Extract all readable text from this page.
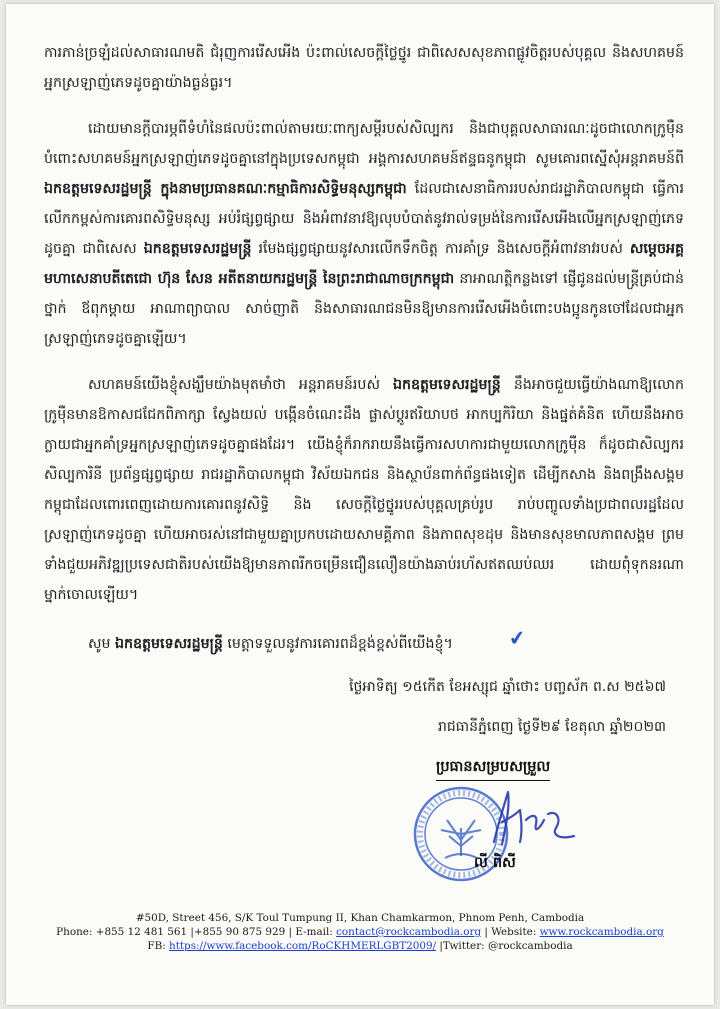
ការភាន់ច្រឡំដល់សាធារណមតិ ជំរុញការរើសអើង ប៉ះពាល់សេចក្តីថ្លៃថ្នូរ ជាពិសេសសុខភាពផ្លូវចិត្តរបស់បុគ្គល និងសហគមន៍អ្នកស្រឡាញ់ភេទដូចគ្នាយ៉ាងធ្ងន់ធ្ងរ។

ដោយមានក្តីបារម្ភពីទំហំនៃផលប៉ះពាល់តាមរយៈពាក្យសម្តីរបស់សិល្បករ និងជាបុគ្គលសាធារណៈដូចជាលោកក្រូម៉ឺន បំពោះសហគមន៍អ្នកស្រឡាញ់ភេទដូចគ្នានៅក្នុងប្រទេសកម្ពុជា អង្គការសហគមន៍ឥន្ទធនូកម្ពុជា សូមគោរពស្នើសុំអន្តរាគមន៍ពី ឯកឧត្តមទេសរដ្ឋមន្ត្រី ក្នុងនាមប្រធានគណៈកម្មាធិការសិទ្ធិមនុស្សកម្ពុជា ដែលជាសេនាធិការរបស់រាជរដ្ឋាភិបាលកម្ពុជា ធ្វើការលើកកម្ពស់ការគោរពសិទ្ធិមនុស្ស អប់រំផ្សព្វផ្សាយ និងអំពាវនាវឱ្យលុបបំបាត់នូវរាល់ទម្រង់នៃការរើសអើងលើអ្នកស្រឡាញ់ភេទដូចគ្នា ជាពិសេស ឯកឧត្តមទេសរដ្ឋមន្ត្រី រមែងផ្សព្វផ្សាយនូវសារលើកទឹកចិត្ត ការគាំទ្រ និងសេចក្តីអំពាវនាវរបស់ សម្តេចអគ្គមហាសេនាបតីតេជោ ហ៊ុន សែន អតីតនាយករដ្ឋមន្ត្រី នៃព្រះរាជាណាចក្រកម្ពុជា នាអាណត្តិកន្លងទៅ ផ្ញើជូនដល់មន្ត្រីគ្រប់ជាន់ថ្នាក់ ឪពុកម្តាយ អាណាព្យាបាល សាច់ញាតិ និងសាធារណជនមិនឱ្យមានការរើសអើងចំពោះបងប្អូនកូនចៅដែលជាអ្នកស្រឡាញ់ភេទដូចគ្នាឡើយ។

សហគមន៍យើងខ្ញុំសង្ឃឹមយ៉ាងមុតមាំថា អន្តរាគមន៍របស់ ឯកឧត្តមទេសរដ្ឋមន្ត្រី នឹងអាចជួយធ្វើយ៉ាងណាឱ្យលោកក្រូម៉ឺនមានឱកាសជជែកពិភាក្សា ស្វែងយល់ បង្កើនចំណេះដឹង ផ្លាស់ប្តូរឥរិយាបថ អាកប្បកិរិយា និងផ្នត់គំនិត ហើយនឹងអាចក្លាយជាអ្នកគាំទ្រអ្នកស្រឡាញ់ភេទដូចគ្នាផងដែរ។ យើងខ្ញុំក៏រាករាយនឹងធ្វើការសហការជាមួយលោកក្រូម៉ឺន ក៏ដូចជាសិល្បករ សិល្បការិនី ប្រព័ន្ធផ្សព្វផ្សាយ រាជរដ្ឋាភិបាលកម្ពុជា វិស័យឯកជន និងស្ថាប័នពាក់ព័ន្ធផងទៀត ដើម្បីកសាង និងពង្រឹងសង្គមកម្ពុជាដែលពោរពេញដោយការគោរពនូវសិទ្ធិ និង សេចក្តីថ្លៃថ្នូររបស់បុគ្គលគ្រប់រូប រាប់បញ្ចូលទាំងប្រជាពលរដ្ឋដែលស្រឡាញ់ភេទដូចគ្នា ហើយអាចរស់នៅជាមួយគ្នាប្រកបដោយសាមគ្គីភាព និងភាពសុខដុម និងមានសុខមាលភាពសង្គម ព្រមទាំងជួយអភិវឌ្ឍប្រទេសជាតិរបស់យើងឱ្យមានភាពរីកចម្រើនជឿនលឿនយ៉ាងឆាប់រហ័សឥតឈប់ឈរ ដោយពុំទុកនរណាម្នាក់ចោលឡើយ។

សូម ឯកឧត្តមទេសរដ្ឋមន្ត្រី មេត្តាទទួលនូវការគោរពដ៏ខ្ពង់ខ្ពស់ពីយើងខ្ញុំ។	✔

ថ្ងៃអាទិត្យ ១៥កើត ខែអស្សុជ ឆ្នាំថោះ បញ្ចស័ក ព.ស ២៥៦៧
រាជធានីភ្នំពេញ ថ្ងៃទី២៩ ខែតុលា ឆ្នាំ២០២៣
ប្រធានសម្របសម្រួល
លី ពិសី
#50D, Street 456, S/K Toul Tumpung II, Khan Chamkarmon, Phnom Penh, Cambodia
Phone: +855 12 481 561 |+855 90 875 929 | E-mail: contact@rockcambodia.org | Website: www.rockcambodia.org
FB: https://www.facebook.com/RoCKHMERLGBT2009/ |Twitter: @rockcambodia
